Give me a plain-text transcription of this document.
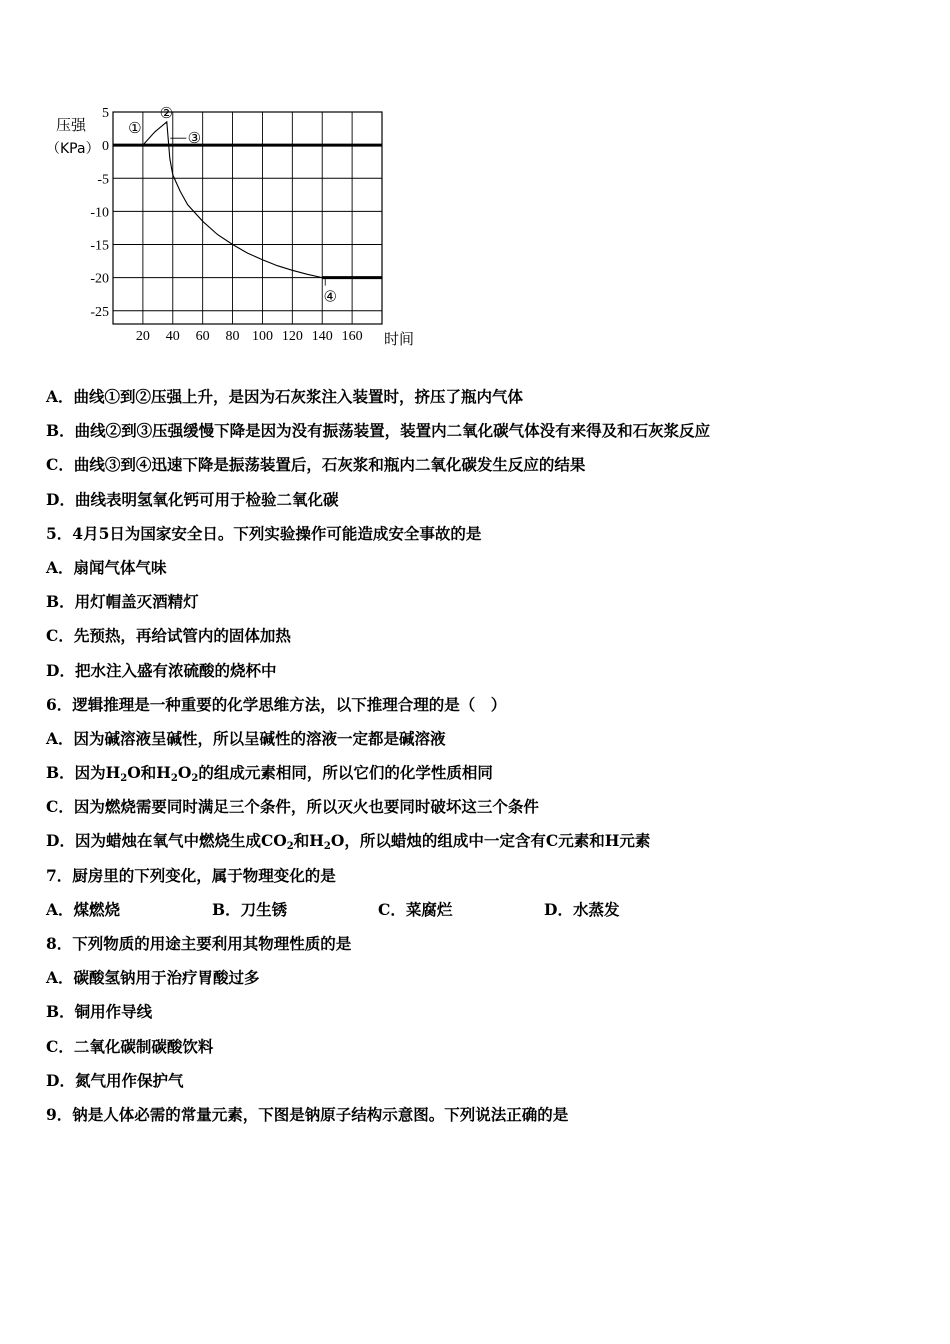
5
0
-5
-10
-15
-20
-25
20 40 60 80 100 120 140 160
压强
（KPa）
时间
①
②
③
④
A．曲线①到②压强上升，是因为石灰浆注入装置时，挤压了瓶内气体
B．曲线②到③压强缓慢下降是因为没有振荡装置，装置内二氧化碳气体没有来得及和石灰浆反应
C．曲线③到④迅速下降是振荡装置后，石灰浆和瓶内二氧化碳发生反应的结果
D．曲线表明氢氧化钙可用于检验二氧化碳
5．4月5日为国家安全日。下列实验操作可能造成安全事故的是
A．扇闻气体气味
B．用灯帽盖灭酒精灯
C．先预热，再给试管内的固体加热
D．把水注入盛有浓硫酸的烧杯中
6．逻辑推理是一种重要的化学思维方法，以下推理合理的是（　）
A．因为碱溶液呈碱性，所以呈碱性的溶液一定都是碱溶液
B．因为$H_2O$和$H_2O_2$的组成元素相同，所以它们的化学性质相同
C．因为燃烧需要同时满足三个条件，所以灭火也要同时破坏这三个条件
D．因为蜡烛在氧气中燃烧生成$CO_2$和$H_2O$，所以蜡烛的组成中一定含有C元素和H元素
7．厨房里的下列变化，属于物理变化的是
A．煤燃烧	B．刀生锈	C．菜腐烂	D．水蒸发
8．下列物质的用途主要利用其物理性质的是
A．碳酸氢钠用于治疗胃酸过多
B．铜用作导线
C．二氧化碳制碳酸饮料
D．氮气用作保护气
9．钠是人体必需的常量元素，下图是钠原子结构示意图。下列说法正确的是
